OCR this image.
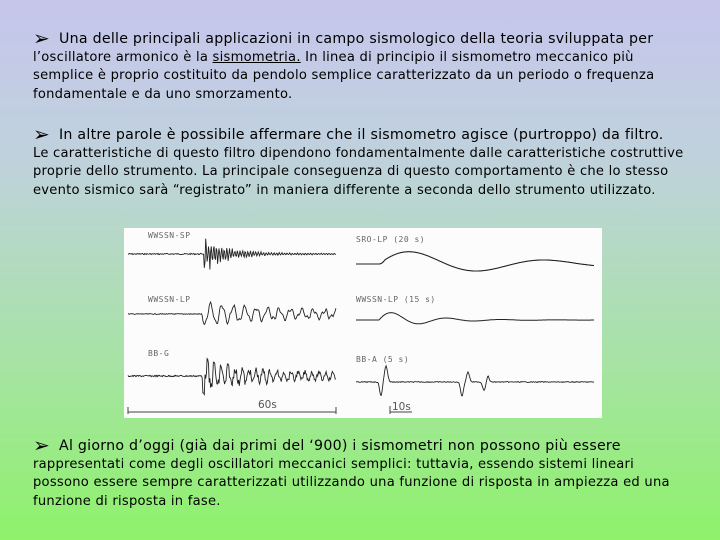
➢ Una delle principali applicazioni in campo sismologico della teoria sviluppata per
l’oscillatore armonico è la sismometria. In linea di principio il sismometro meccanico più semplice è proprio costituito da pendolo semplice caratterizzato da un periodo o frequenza fondamentale e da uno smorzamento.
➢ In altre parole è possibile affermare che il sismometro agisce (purtroppo) da filtro.
Le caratteristiche di questo filtro dipendono fondamentalmente dalle caratteristiche costruttive proprie dello strumento. La principale conseguenza di questo comportamento è che lo stesso evento sismico sarà “registrato” in maniera differente a seconda dello strumento utilizzato.
WWSSN-SP
WWSSN-LP
BB-G
SRO-LP (20 s)
WWSSN-LP (15 s)
BB-A (5 s)
60s	10s
➢ Al giorno d’oggi (già dai primi del ‘900) i sismometri non possono più essere
rappresentati come degli oscillatori meccanici semplici: tuttavia, essendo sistemi lineari possono essere sempre caratterizzati utilizzando una funzione di risposta in ampiezza ed una funzione di risposta in fase.
